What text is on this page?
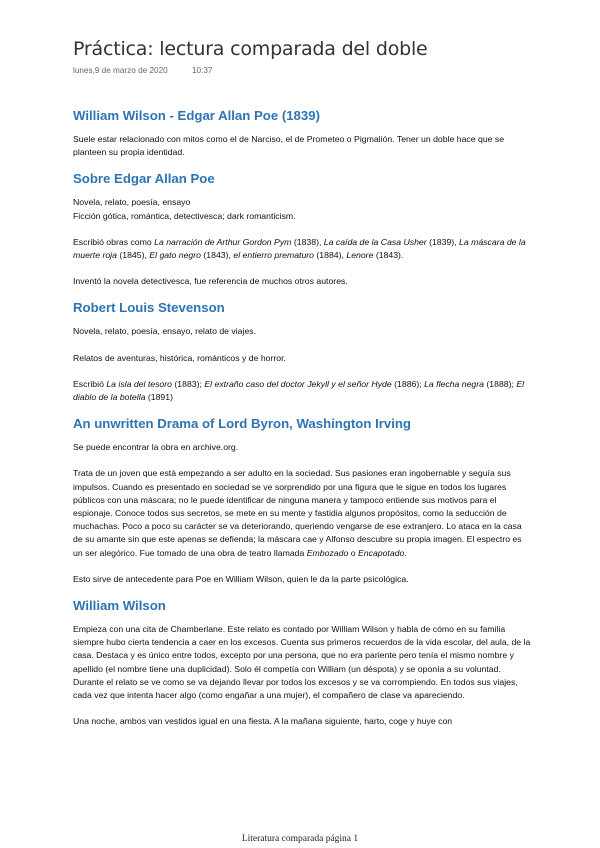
Práctica: lectura comparada del doble
lunes,9 de marzo de 2020	10:37
William Wilson - Edgar Allan Poe (1839)

Suele estar relacionado con mitos como el de Narciso, el de Prometeo o Pigmalión. Tener un doble hace que se planteen su propia identidad.

Sobre Edgar Allan Poe

Novela, relato, poesía, ensayo
Ficción gótica, romántica, detectivesca; dark romanticism.

Escribió obras como La narración de Arthur Gordon Pym (1838), La caída de la Casa Usher (1839), La máscara de la muerte roja (1845), El gato negro (1843), el entierro prematuro (1884), Lenore (1843).

Inventó la novela detectivesca, fue referencia de muchos otros autores.

Robert Louis Stevenson

Novela, relato, poesía, ensayo, relato de viajes.

Relatos de aventuras, histórica, románticos y de horror.

Escribió La isla del tesoro (1883); El extraño caso del doctor Jekyll y el señor Hyde (1886); La flecha negra (1888); El diablo de la botella (1891)

An unwritten Drama of Lord Byron, Washington Irving

Se puede encontrar la obra en archive.org.

Trata de un joven que está empezando a ser adulto en la sociedad. Sus pasiones eran ingobernable y seguía sus impulsos. Cuando es presentado en sociedad se ve sorprendido por una figura que le sigue en todos los lugares públicos con una máscara; no le puede identificar de ninguna manera y tampoco entiende sus motivos para el espionaje. Conoce todos sus secretos, se mete en su mente y fastidia algunos propósitos, como la seducción de muchachas. Poco a poco su carácter se va deteriorando, queriendo vengarse de ese extranjero. Lo ataca en la casa de su amante sin que este apenas se defienda; la máscara cae y Alfonso descubre su propia imagen. El espectro es un ser alegórico. Fue tomado de una obra de teatro llamada Embozado o Encapotado.

Esto sirve de antecedente para Poe en William Wilson, quien le da la parte psicológica.

William Wilson

Empieza con una cita de Chamberlane. Este relato es contado por William Wilson y habla de cómo en su familia siempre hubo cierta tendencia a caer en los excesos. Cuenta sus primeros recuerdos de la vida escolar, del aula, de la casa. Destaca y es único entre todos, excepto por una persona, que no era pariente pero tenía el mismo nombre y apellido (el nombre tiene una duplicidad). Solo él competía con William (un déspota) y se oponía a su voluntad. Durante el relato se ve como se va dejando llevar por todos los excesos y se va corrompiendo. En todos sus viajes, cada vez que intenta hacer algo (como engañar a una mujer), el compañero de clase va apareciendo.

Una noche, ambos van vestidos igual en una fiesta. A la mañana siguiente, harto, coge y huye con

Literatura comparada página 1
